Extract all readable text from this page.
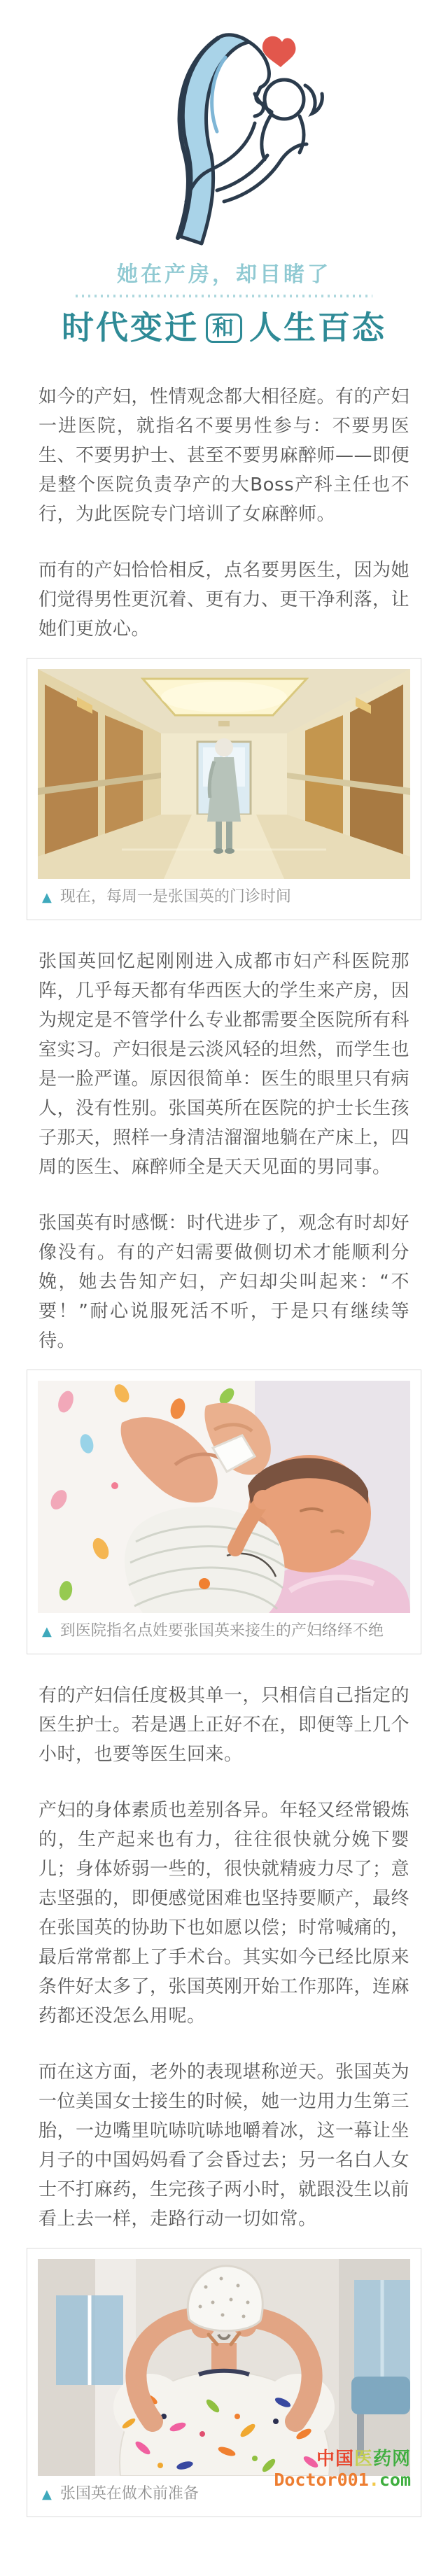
她在产房，却目睹了
时代变迁 和 人生百态

如今的产妇，性情观念都大相径庭。有的产妇一进医院，就指名不要男性参与：不要男医生、不要男护士、甚至不要男麻醉师——即便是整个医院负责孕产的大Boss产科主任也不行，为此医院专门培训了女麻醉师。

而有的产妇恰恰相反，点名要男医生，因为她们觉得男性更沉着、更有力、更干净利落，让她们更放心。

▲ 现在，每周一是张国英的门诊时间

张国英回忆起刚刚进入成都市妇产科医院那阵，几乎每天都有华西医大的学生来产房，因为规定是不管学什么专业都需要全医院所有科室实习。产妇很是云淡风轻的坦然，而学生也是一脸严谨。原因很简单：医生的眼里只有病人，没有性别。张国英所在医院的护士长生孩子那天，照样一身清洁溜溜地躺在产床上，四周的医生、麻醉师全是天天见面的男同事。

张国英有时感慨：时代进步了，观念有时却好像没有。有的产妇需要做侧切术才能顺利分娩，她去告知产妇，产妇却尖叫起来：“不要！”耐心说服死活不听，于是只有继续等待。

▲ 到医院指名点姓要张国英来接生的产妇络绎不绝

有的产妇信任度极其单一，只相信自己指定的医生护士。若是遇上正好不在，即便等上几个小时，也要等医生回来。

产妇的身体素质也差别各异。年轻又经常锻炼的，生产起来也有力，往往很快就分娩下婴儿；身体娇弱一些的，很快就精疲力尽了；意志坚强的，即便感觉困难也坚持要顺产，最终在张国英的协助下也如愿以偿；时常喊痛的，最后常常都上了手术台。其实如今已经比原来条件好太多了，张国英刚开始工作那阵，连麻药都还没怎么用呢。

而在这方面，老外的表现堪称逆天。张国英为一位美国女士接生的时候，她一边用力生第三胎，一边嘴里吭哧吭哧地嚼着冰，这一幕让坐月子的中国妈妈看了会昏过去；另一名白人女士不打麻药，生完孩子两小时，就跟没生以前看上去一样，走路行动一切如常。

▲ 张国英在做术前准备
中国医药网
Doctor001.com
